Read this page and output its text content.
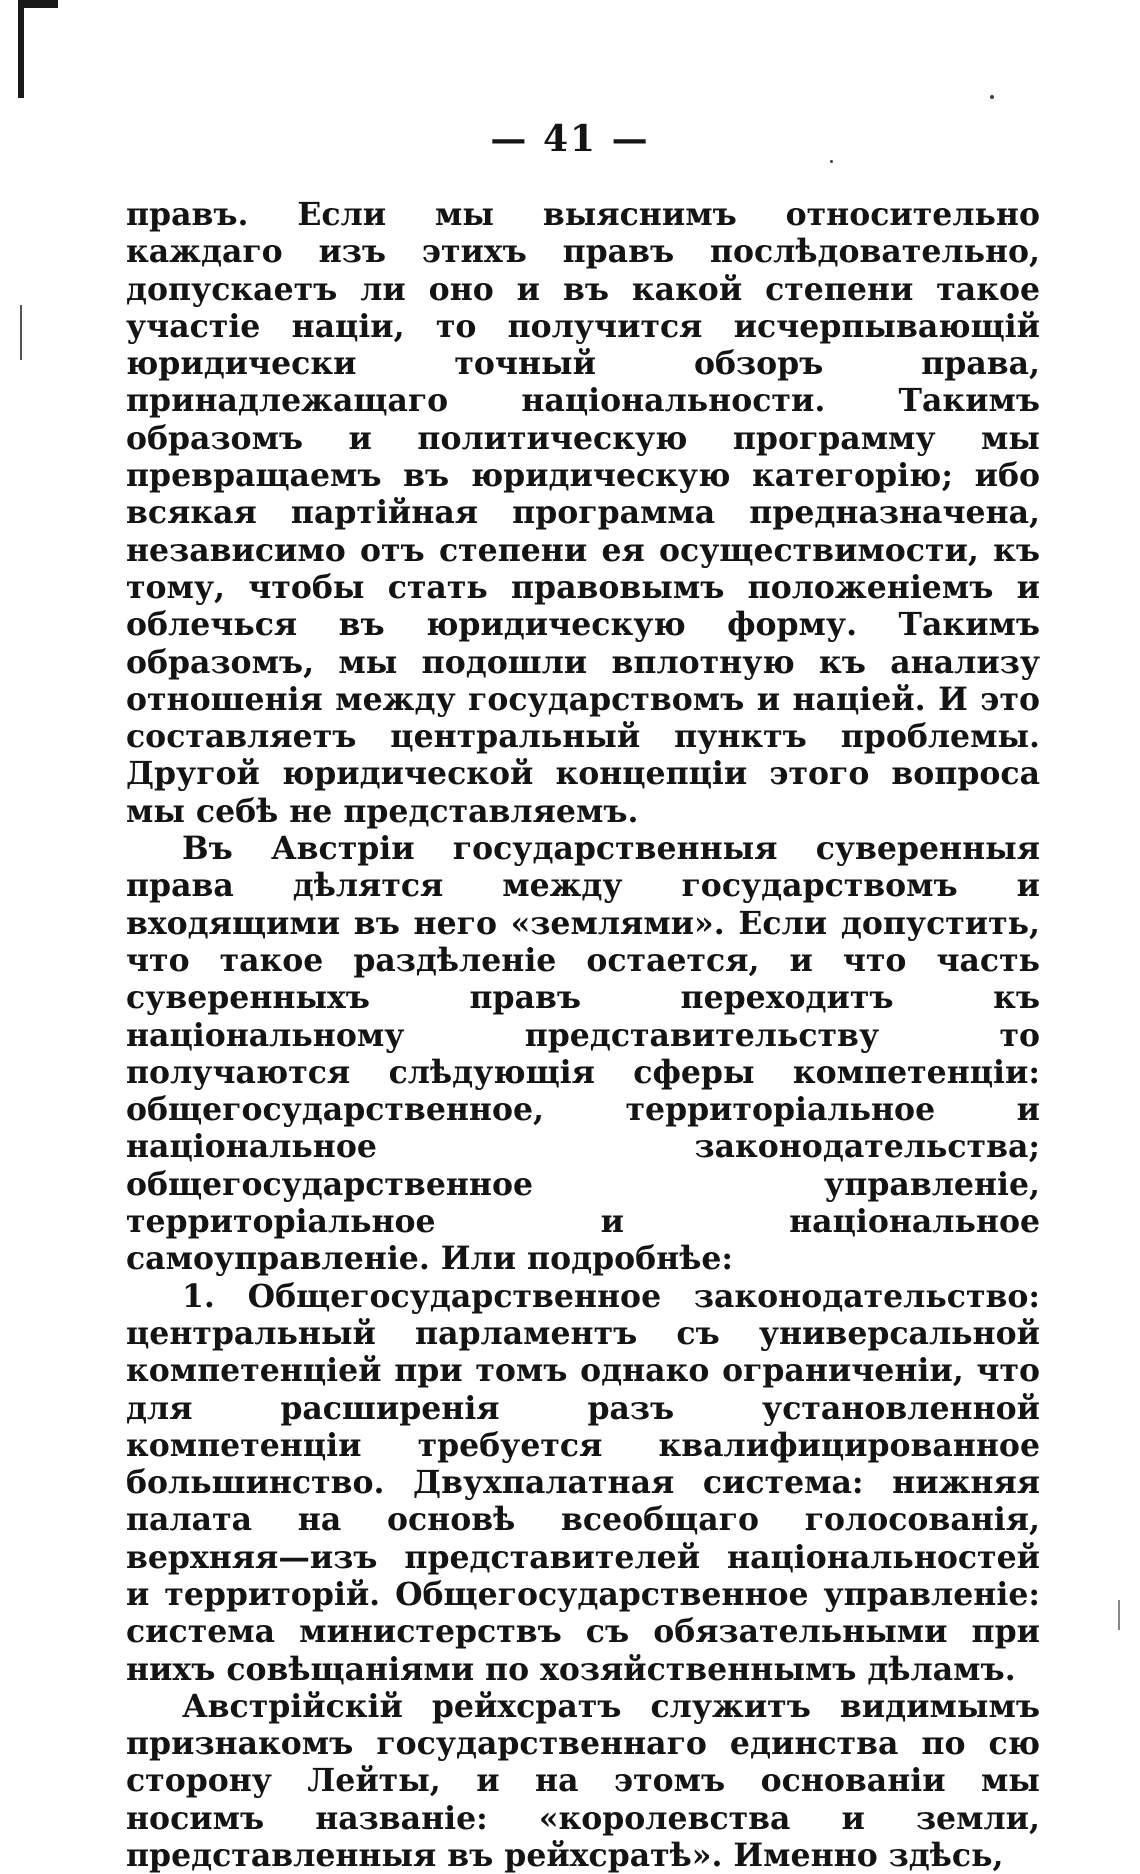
— 41 —

правъ. Если мы выяснимъ относительно каждаго изъ этихъ правъ послѣдовательно, допускаетъ ли оно и въ какой степени такое участіе націи, то получится исчерпывающій юридически точный обзоръ права, принадлежащаго національности. Такимъ образомъ и политическую программу мы превращаемъ въ юридическую категорію; ибо всякая партійная программа предназначена, независимо отъ степени ея осуществимости, къ тому, чтобы стать правовымъ положеніемъ и облечься въ юридическую форму. Такимъ образомъ, мы подошли вплотную къ анализу отношенія между государствомъ и націей. И это составляетъ центральный пунктъ проблемы. Другой юридической концепціи этого вопроса мы себѣ не представляемъ.

Въ Австріи государственныя суверенныя права дѣлятся между государствомъ и входящими въ него «землями». Если допустить, что такое раздѣленіе остается, и что часть суверенныхъ правъ переходитъ къ національному представительству то получаются слѣдующія сферы компетенціи: общегосударственное, территоріальное и національное законодательства; общегосударственное управленіе, территоріальное и національное самоуправленіе. Или подробнѣе:

1. Общегосударственное законодательство: центральный парламентъ съ универсальной компетенціей при томъ однако ограниченіи, что для расширенія разъ установленной компетенціи требуется квалифицированное большинство. Двухпалатная система: нижняя палата на основѣ всеобщаго голосованія, верхняя—изъ представителей національностей и территорій. Общегосударственное управленіе: система министерствъ съ обязательными при нихъ совѣщаніями по хозяйственнымъ дѣламъ.

Австрійскій рейхсратъ служитъ видимымъ признакомъ государственнаго единства по сю сторону Лейты, и на этомъ основаніи мы носимъ названіе: «королевства и земли, представленныя въ рейхсратѣ». Именно здѣсь,
